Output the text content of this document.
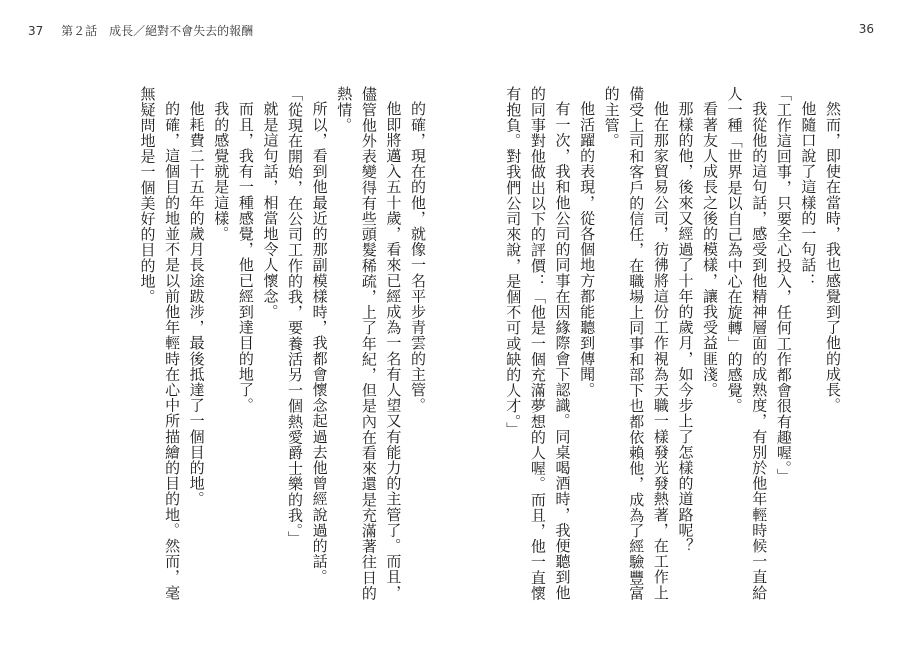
37 第２話　成長／絕對不會失去的報酬	36

然而，即使在當時，我也感覺到了他的成長。

他隨口說了這樣的一句話：

「工作這回事，只要全心投入，任何工作都會很有趣喔。」

我從他的這句話，感受到他精神層面的成熟度，有別於他年輕時候一直給人一種「世界是以自己為中心在旋轉」的感覺。

看著友人成長之後的模樣，讓我受益匪淺。

那樣的他，後來又經過了十年的歲月，如今步上了怎樣的道路呢？

他在那家貿易公司，彷彿將這份工作視為天職一樣發光發熱著，在工作上備受上司和客戶的信任，在職場上同事和部下也都依賴他，成為了經驗豐富的主管。

他活躍的表現，從各個地方都能聽到傳聞。

有一次，我和他公司的同事在因緣際會下認識。同桌喝酒時，我便聽到他的同事對他做出以下的評價：「他是一個充滿夢想的人喔。而且，他一直懷有抱負。對我們公司來說，是個不可或缺的人才。」

的確，現在的他，就像一名平步青雲的主管。

他即將邁入五十歲，看來已經成為一名有人望又有能力的主管了。而且，儘管他外表變得有些頭髮稀疏，上了年紀，但是內在看來還是充滿著往日的熱情。

所以，看到他最近的那副模樣時，我都會懷念起過去他曾經說過的話。

「從現在開始，在公司工作的我，要養活另一個熱愛爵士樂的我。」

就是這句話，相當地令人懷念。

而且，我有一種感覺，他已經到達目的地了。

我的感覺就是這樣。

他耗費二十五年的歲月長途跋涉，最後抵達了一個目的地。

的確，這個目的地並不是以前他年輕時在心中所描繪的目的地。然而，毫無疑問地是一個美好的目的地。
